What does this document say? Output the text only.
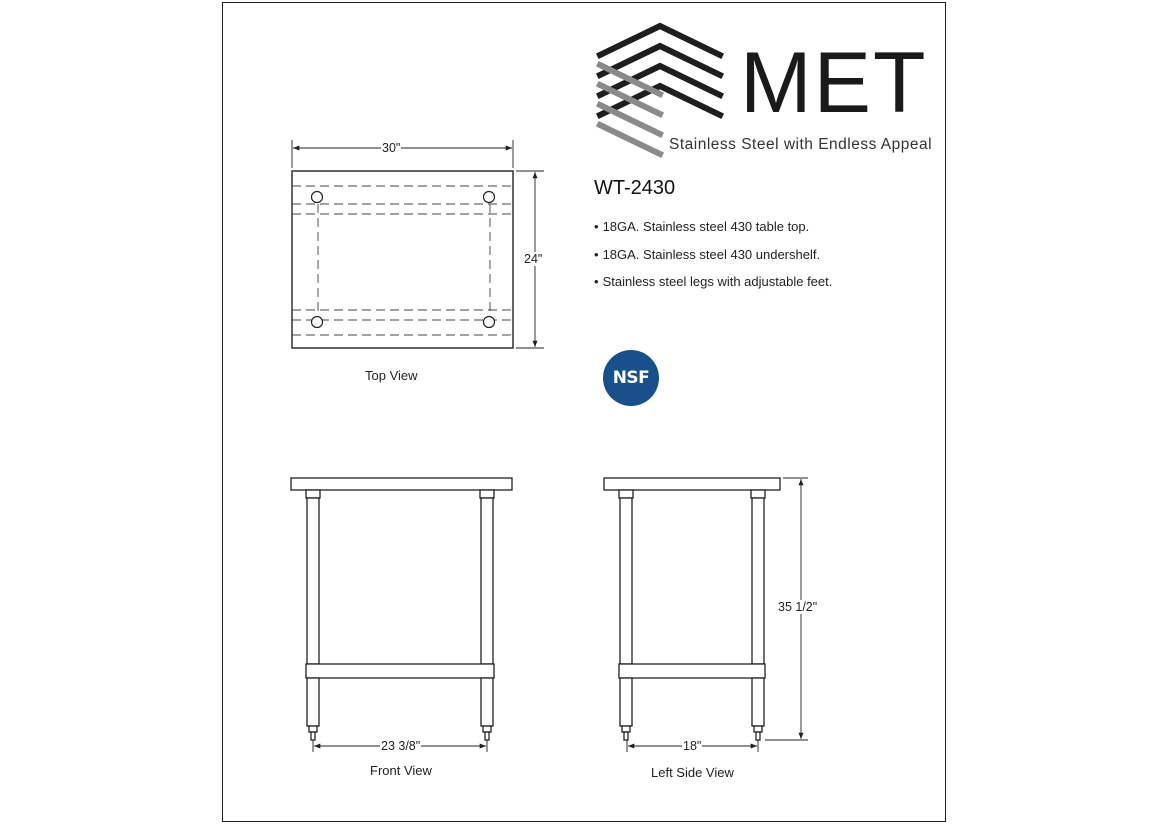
MET
Stainless Steel with Endless Appeal
WT-2430
• 18GA. Stainless steel 430 table top.
• 18GA. Stainless steel 430 undershelf.
• Stainless steel legs with adjustable feet.
NSF
30"
24"
23 3/8"	18"
35 1/2"
Top View
Front View	Left Side View
